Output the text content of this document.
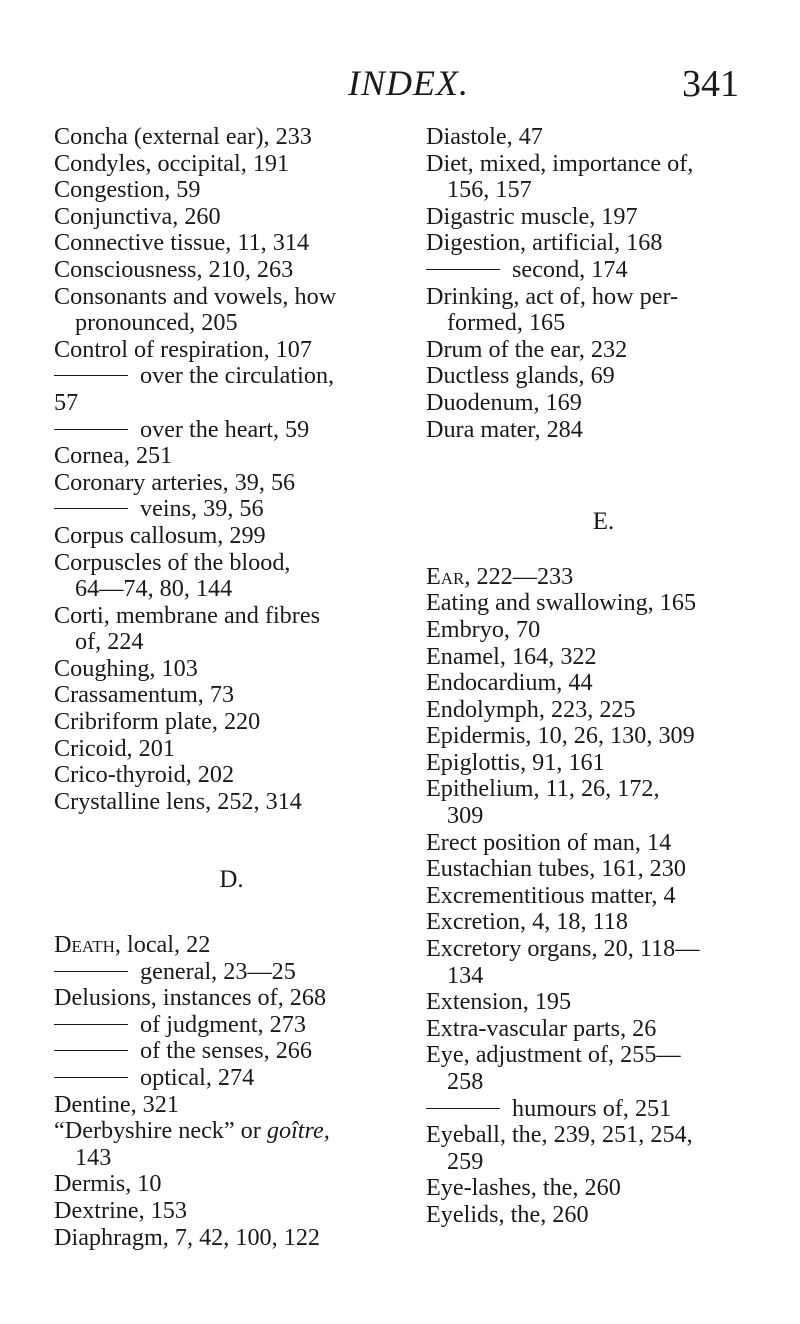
INDEX.	341
Concha (external ear), 233
Condyles, occipital, 191
Congestion, 59
Conjunctiva, 260
Connective tissue, 11, 314
Consciousness, 210, 263
Consonants and vowels, how
pronounced, 205
Control of respiration, 107
over the circulation,
57
over the heart, 59
Cornea, 251
Coronary arteries, 39, 56
veins, 39, 56
Corpus callosum, 299
Corpuscles of the blood,
64—74, 80, 144
Corti, membrane and fibres
of, 224
Coughing, 103
Crassamentum, 73
Cribriform plate, 220
Cricoid, 201
Crico-thyroid, 202
Crystalline lens, 252, 314
D.
Death, local, 22
general, 23—25
Delusions, instances of, 268
of judgment, 273
of the senses, 266
optical, 274
Dentine, 321
“Derbyshire neck” or goître,
143
Dermis, 10
Dextrine, 153
Diaphragm, 7, 42, 100, 122
Diastole, 47
Diet, mixed, importance of,
156, 157
Digastric muscle, 197
Digestion, artificial, 168
second, 174
Drinking, act of, how per-
formed, 165
Drum of the ear, 232
Ductless glands, 69
Duodenum, 169
Dura mater, 284
E.
Ear, 222—233
Eating and swallowing, 165
Embryo, 70
Enamel, 164, 322
Endocardium, 44
Endolymph, 223, 225
Epidermis, 10, 26, 130, 309
Epiglottis, 91, 161
Epithelium, 11, 26, 172,
309
Erect position of man, 14
Eustachian tubes, 161, 230
Excrementitious matter, 4
Excretion, 4, 18, 118
Excretory organs, 20, 118—
134
Extension, 195
Extra-vascular parts, 26
Eye, adjustment of, 255—
258
humours of, 251
Eyeball, the, 239, 251, 254,
259
Eye-lashes, the, 260
Eyelids, the, 260
